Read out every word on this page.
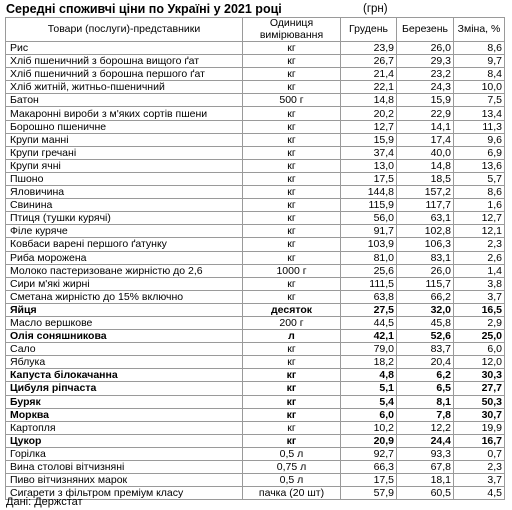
Середні споживчі ціни по Україні у 2021 році	(грн)
Товари (послуги)-представники	Одиниця вимірювання	Грудень	Березень	Зміна, %
Рис	кг	23,9	26,0	8,6
Хліб пшеничний з борошна вищого ґат	кг	26,7	29,3	9,7
Хліб пшеничний з борошна першого ґат	кг	21,4	23,2	8,4
Хліб житній, житньо-пшеничний	кг	22,1	24,3	10,0
Батон	500 г	14,8	15,9	7,5
Макаронні вироби з м'яких сортів пшени	кг	20,2	22,9	13,4
Борошно пшеничне	кг	12,7	14,1	11,3
Крупи манні	кг	15,9	17,4	9,6
Крупи гречані	кг	37,4	40,0	6,9
Крупи ячні	кг	13,0	14,8	13,6
Пшоно	кг	17,5	18,5	5,7
Яловичина	кг	144,8	157,2	8,6
Свинина	кг	115,9	117,7	1,6
Птиця (тушки курячі)	кг	56,0	63,1	12,7
Філе куряче	кг	91,7	102,8	12,1
Ковбаси варені першого ґатунку	кг	103,9	106,3	2,3
Риба морожена	кг	81,0	83,1	2,6
Молоко пастеризоване жирністю до 2,6	1000 г	25,6	26,0	1,4
Сири м'які жирні	кг	111,5	115,7	3,8
Сметана жирністю до 15% включно	кг	63,8	66,2	3,7
Яйця	десяток	27,5	32,0	16,5
Масло вершкове	200 г	44,5	45,8	2,9
Олія соняшникова	л	42,1	52,6	25,0
Сало	кг	79,0	83,7	6,0
Яблука	кг	18,2	20,4	12,0
Капуста білокачанна	кг	4,8	6,2	30,3
Цибуля ріпчаста	кг	5,1	6,5	27,7
Буряк	кг	5,4	8,1	50,3
Морква	кг	6,0	7,8	30,7
Картопля	кг	10,2	12,2	19,9
Цукор	кг	20,9	24,4	16,7
Горілка	0,5 л	92,7	93,3	0,7
Вина столові вітчизняні	0,75 л	66,3	67,8	2,3
Пиво вітчизняних марок	0,5 л	17,5	18,1	3,7
Сигарети з фільтром преміум класу	пачка (20 шт)	57,9	60,5	4,5
Дані: Держстат
